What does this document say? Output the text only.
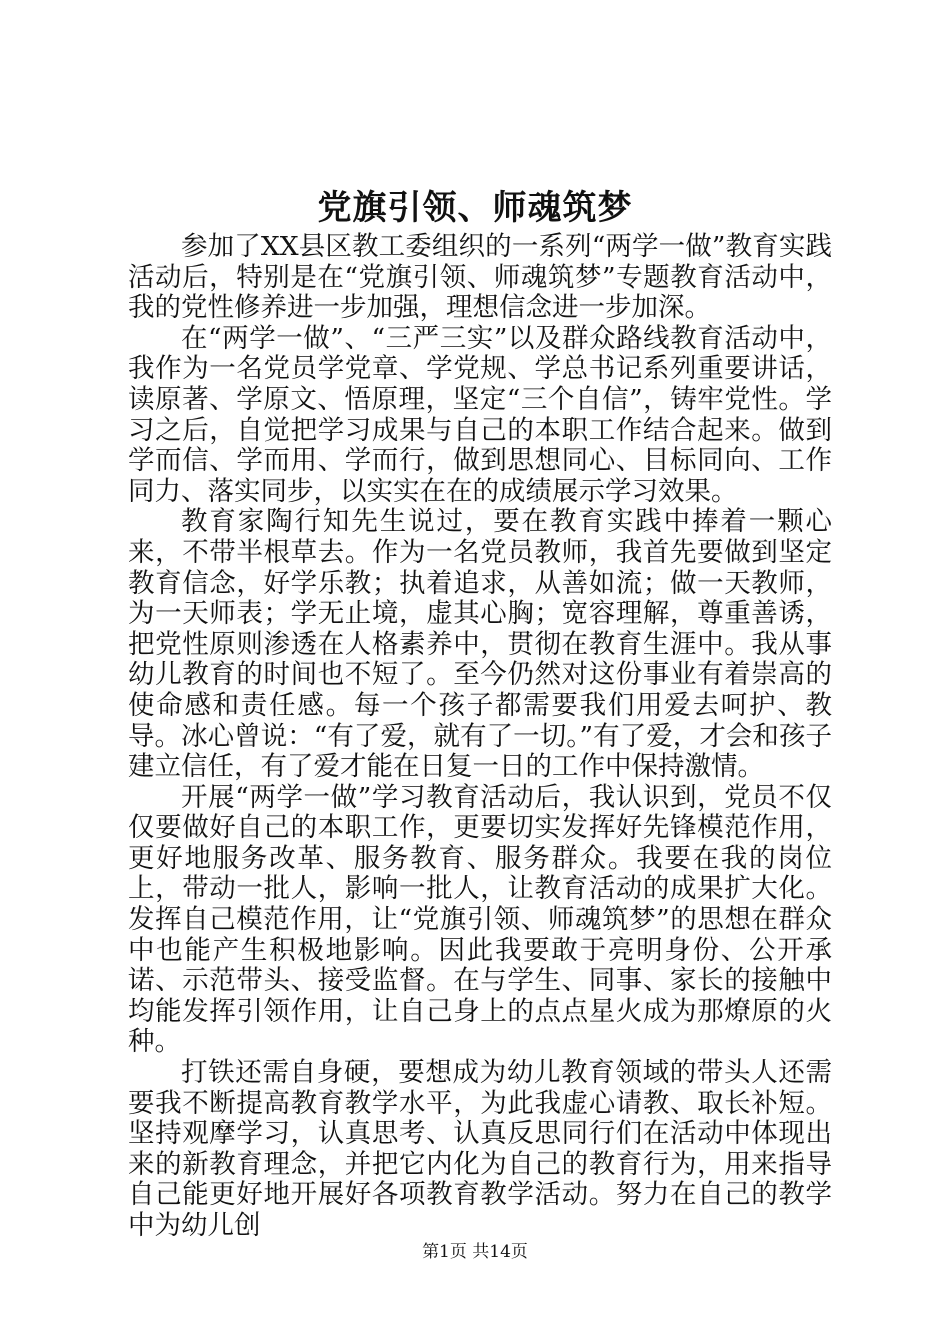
党旗引领、师魂筑梦

参加了XX县区教工委组织的一系列“两学一做”教育实践活动后，特别是在“党旗引领、师魂筑梦”专题教育活动中，我的党性修养进一步加强，理想信念进一步加深。

在“两学一做”、“三严三实”以及群众路线教育活动中，我作为一名党员学党章、学党规、学总书记系列重要讲话，读原著、学原文、悟原理，坚定“三个自信”，铸牢党性。学习之后，自觉把学习成果与自己的本职工作结合起来。做到学而信、学而用、学而行，做到思想同心、目标同向、工作同力、落实同步，以实实在在的成绩展示学习效果。

教育家陶行知先生说过，要在教育实践中捧着一颗心来，不带半根草去。作为一名党员教师，我首先要做到坚定教育信念，好学乐教；执着追求，从善如流；做一天教师，为一天师表；学无止境，虚其心胸；宽容理解，尊重善诱，把党性原则渗透在人格素养中，贯彻在教育生涯中。我从事幼儿教育的时间也不短了。至今仍然对这份事业有着崇高的使命感和责任感。每一个孩子都需要我们用爱去呵护、教导。冰心曾说：“有了爱，就有了一切。”有了爱，才会和孩子建立信任，有了爱才能在日复一日的工作中保持激情。

开展“两学一做”学习教育活动后，我认识到，党员不仅仅要做好自己的本职工作，更要切实发挥好先锋模范作用，更好地服务改革、服务教育、服务群众。我要在我的岗位上，带动一批人，影响一批人，让教育活动的成果扩大化。发挥自己模范作用，让“党旗引领、师魂筑梦”的思想在群众中也能产生积极地影响。因此我要敢于亮明身份、公开承诺、示范带头、接受监督。在与学生、同事、家长的接触中均能发挥引领作用，让自己身上的点点星火成为那燎原的火种。

打铁还需自身硬，要想成为幼儿教育领域的带头人还需要我不断提高教育教学水平，为此我虚心请教、取长补短。坚持观摩学习，认真思考、认真反思同行们在活动中体现出来的新教育理念，并把它内化为自己的教育行为，用来指导自己能更好地开展好各项教育教学活动。努力在自己的教学中为幼儿创

第1页 共14页
